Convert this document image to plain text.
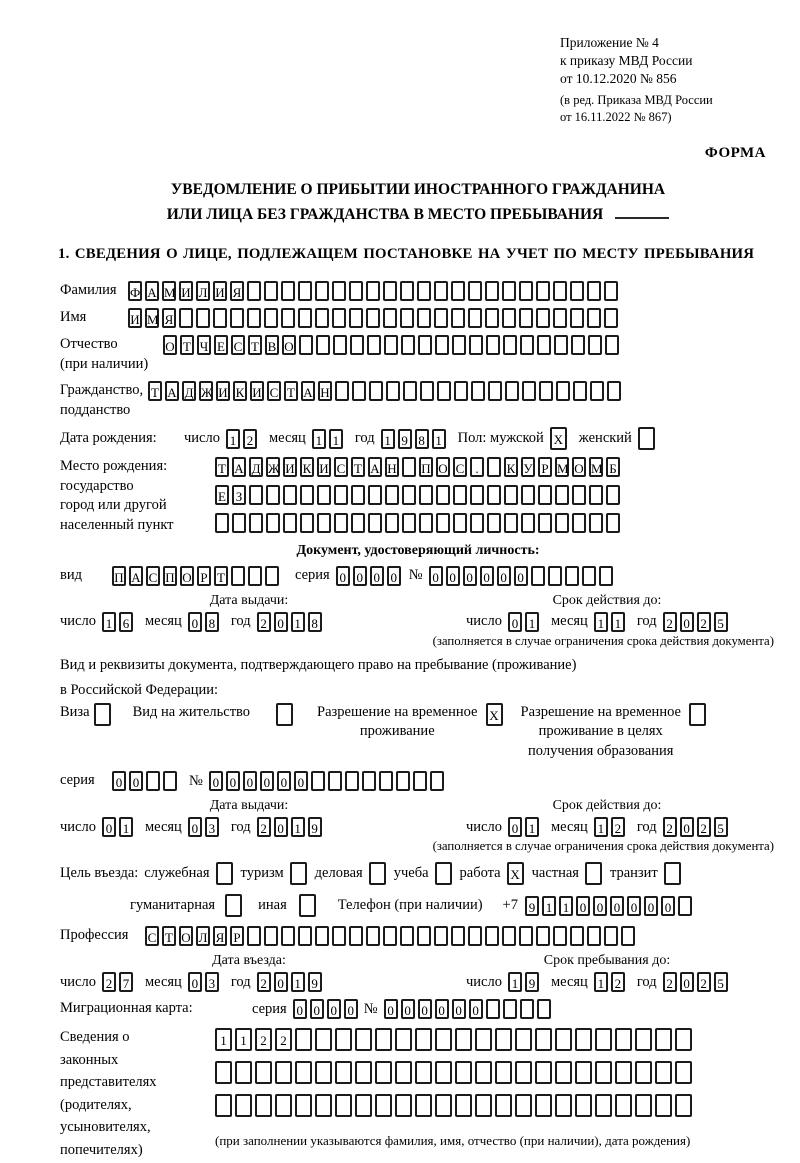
Приложение № 4
к приказу МВД России
от 10.12.2020 № 856
(в ред. Приказа МВД России
от 16.11.2022 № 867)
ФОРМА
УВЕДОМЛЕНИЕ О ПРИБЫТИИ ИНОСТРАННОГО ГРАЖДАНИНА
ИЛИ ЛИЦА БЕЗ ГРАЖДАНСТВА В МЕСТО ПРЕБЫВАНИЯ
1. СВЕДЕНИЯ О ЛИЦЕ, ПОДЛЕЖАЩЕМ ПОСТАНОВКЕ НА УЧЕТ ПО МЕСТУ ПРЕБЫВАНИЯ
Фамилия	Ф А М И Л И Я
Имя	И М Я
Отчество
(при наличии)
О Т Ч Е С Т В О
Гражданство,
подданство
Т А Д Ж И К И С Т А Н
Дата рождения:	число 1 2 месяц 1 1 год 1 9 8 1 Пол: мужской X женский
Место рождения:
государство
город или другой
населенный пункт
Т А Д Ж И К И С Т А Н П О С .	К У Р М О М Б
Е З
Документ, удостоверяющий личность:
вид	П А С П О Р Т	серия 0 0 0 0 № 0 0 0 0 0 0
Дата выдачи:	Срок действия до:
число 1 6 месяц 0 8 год 2 0 1 8	число 0 1 месяц 1 1 год 2 0 2 5
(заполняется в случае ограничения срока действия документа)
Вид и реквизиты документа, подтверждающего право на пребывание (проживание)
в Российской Федерации:
Виза	Вид на жительство	Разрешение на временное
проживание
X Разрешение на временное
проживание в целях
получения образования
серия	0 0	№ 0 0 0 0 0 0
Дата выдачи:	Срок действия до:
число 0 1 месяц 0 3 год 2 0 1 9	число 0 1 месяц 1 2 год 2 0 2 5
(заполняется в случае ограничения срока действия документа)
Цель въезда: служебная туризм деловая учеба работа X частная транзит
гуманитарная	иная	Телефон (при наличии) +7 9 1 1 0 0 0 0 0 0
Профессия	С Т О Л Я Р
Дата въезда:	Срок пребывания до:
число 2 7 месяц 0 3 год 2 0 1 9	число 1 9 месяц 1 2 год 2 0 2 5
Миграционная карта:	серия 0 0 0 0 № 0 0 0 0 0 0
Сведения о
законных
представителях
(родителях,
усыновителях,
попечителях)
1	1	2	2
(при заполнении указываются фамилия, имя, отчество (при наличии), дата рождения)
